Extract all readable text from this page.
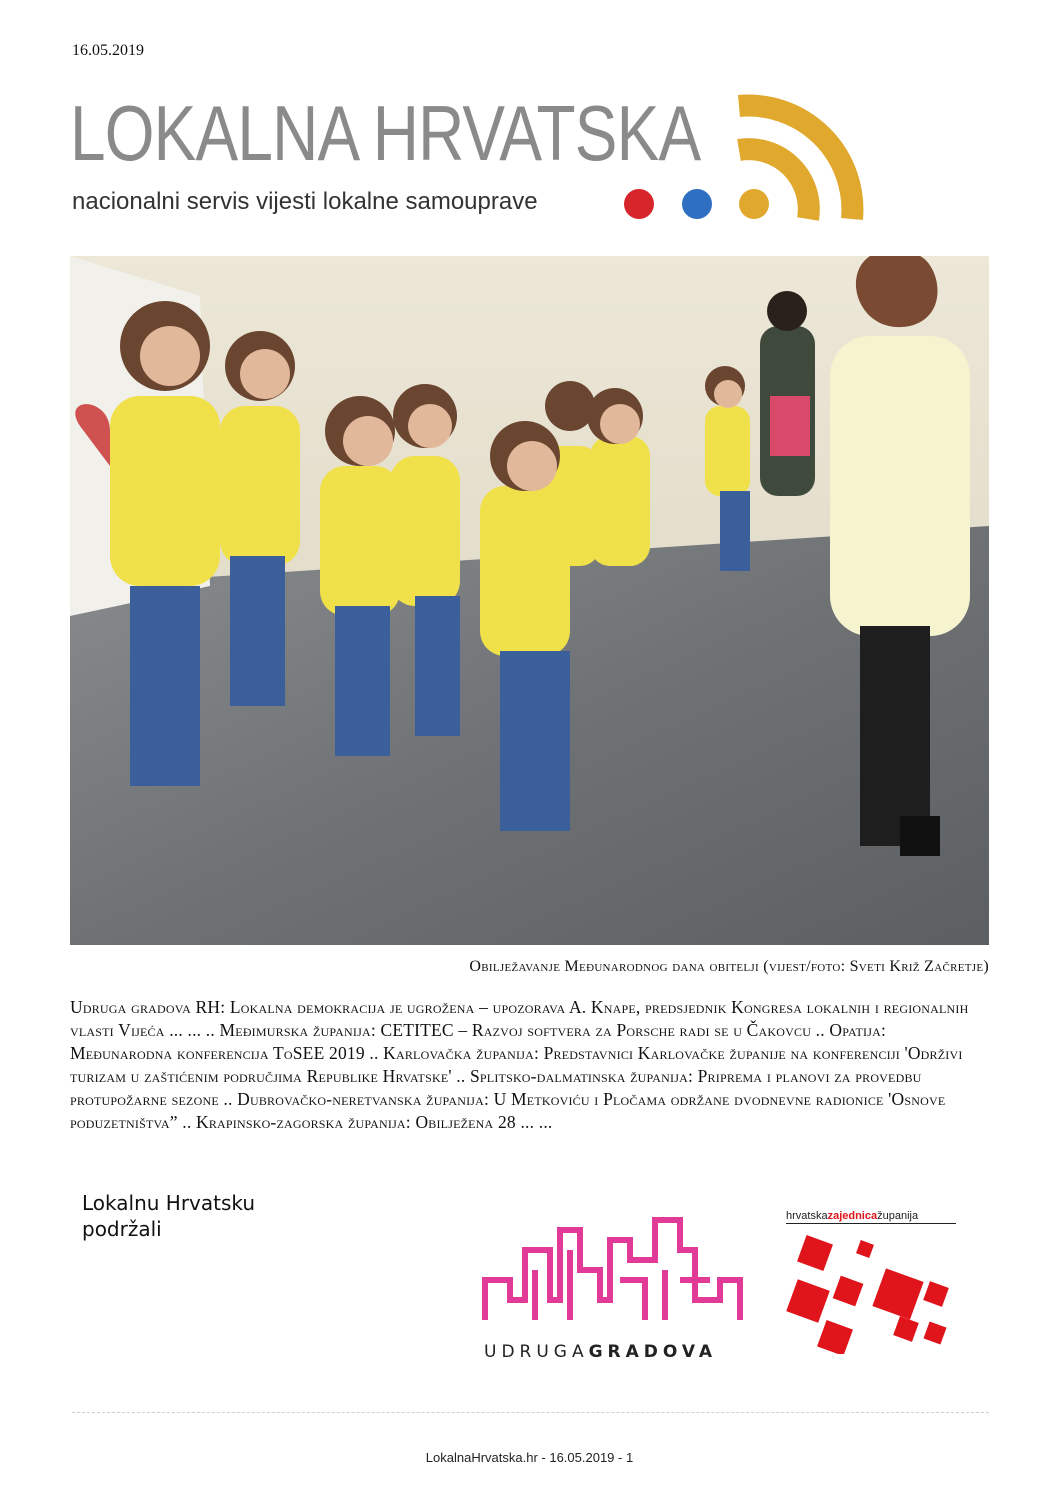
16.05.2019
LOKALNA HRVATSKA
nacionalni servis vijesti lokalne samouprave
Obilježavanje Međunarodnog dana obitelji (vijest/foto: Sveti Križ Začretje)
Udruga gradova RH: Lokalna demokracija je ugrožena – upozorava A. Knape, predsjednik Kongresa lokalnih i regionalnih vlasti Vijeća ... ... .. Međimurska županija: CETITEC – Razvoj softvera za Porsche radi se u Čakovcu .. Opatija: Međunarodna konferencija ToSEE 2019 .. Karlovačka županija: Predstavnici Karlovačke županije na konferenciji 'Održivi turizam u zaštićenim područjima Republike Hrvatske' .. Splitsko-dalmatinska županija: Priprema i planovi za provedbu protupožarne sezone .. Dubrovačko-neretvanska županija: U Metkoviću i Pločama održane dvodnevne radionice 'Osnove poduzetništva” .. Krapinsko-zagorska županija: Obilježena 28 ... ...
Lokalnu Hrvatsku
podržali
UDRUGAGRADOVA
hrvatskazajednicažupanija
LokalnaHrvatska.hr - 16.05.2019 - 1
